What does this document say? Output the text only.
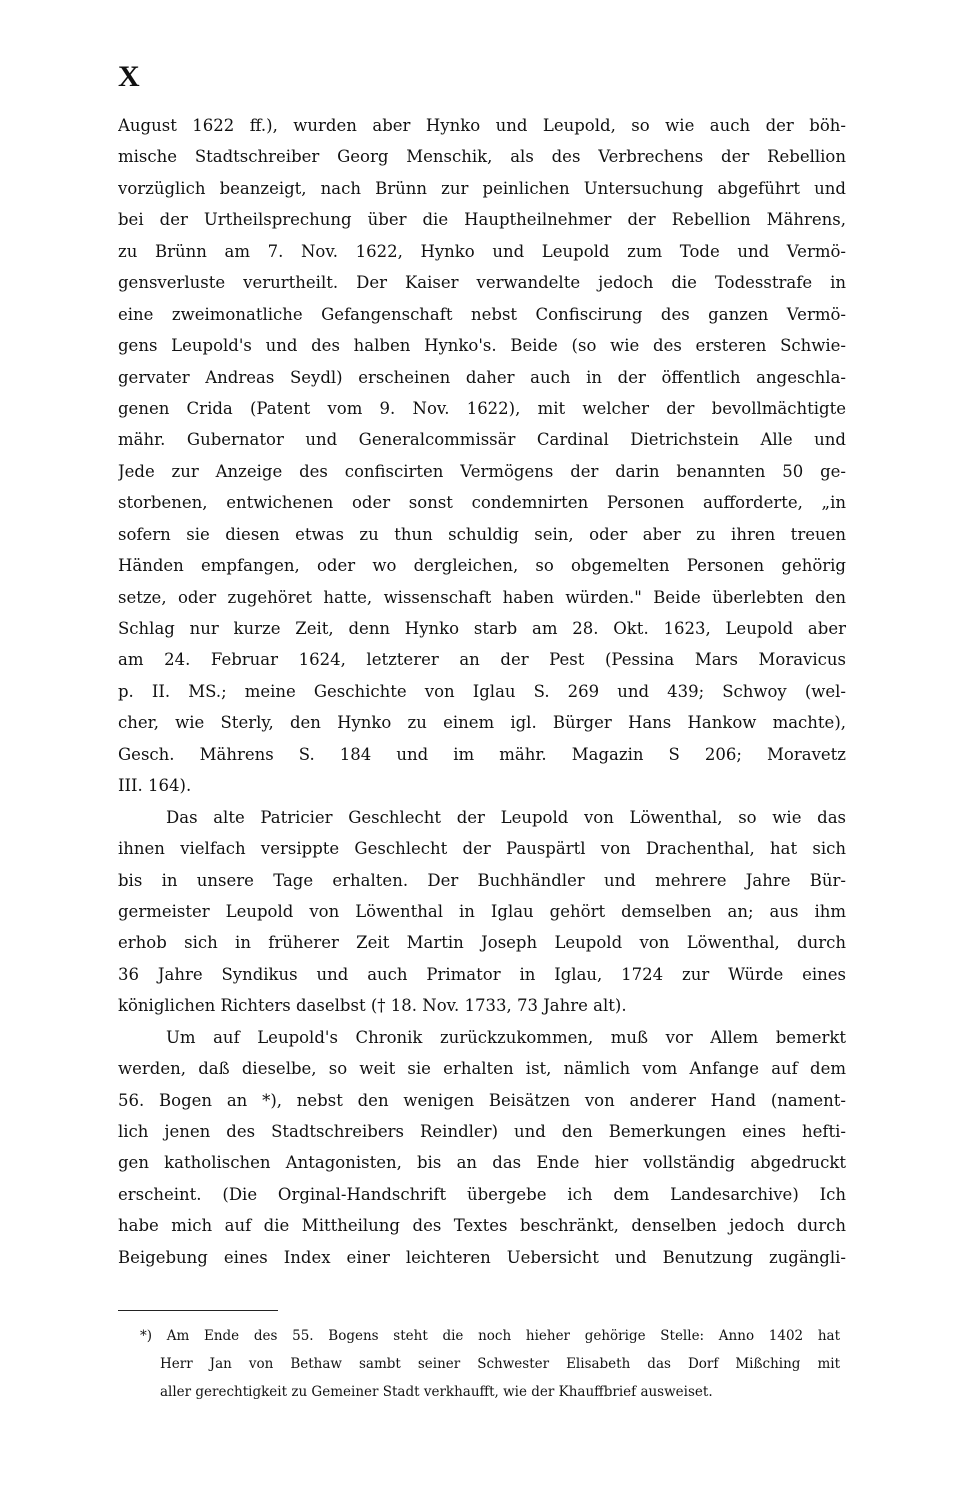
X
August 1622 ff.), wurden aber Hynko und Leupold, so wie auch der böh-
mische Stadtschreiber Georg Menschik, als des Verbrechens der Rebellion
vorzüglich beanzeigt, nach Brünn zur peinlichen Untersuchung abgeführt und
bei der Urtheilsprechung über die Hauptheilnehmer der Rebellion Mährens,
zu Brünn am 7. Nov. 1622, Hynko und Leupold zum Tode und Vermö-
gensverluste verurtheilt. Der Kaiser verwandelte jedoch die Todesstrafe in
eine zweimonatliche Gefangenschaft nebst Confiscirung des ganzen Vermö-
gens Leupold's und des halben Hynko's. Beide (so wie des ersteren Schwie-
gervater Andreas Seydl) erscheinen daher auch in der öffentlich angeschla-
genen Crida (Patent vom 9. Nov. 1622), mit welcher der bevollmächtigte
mähr. Gubernator und Generalcommissär Cardinal Dietrichstein Alle und
Jede zur Anzeige des confiscirten Vermögens der darin benannten 50 ge-
storbenen, entwichenen oder sonst condemnirten Personen aufforderte, „in
sofern sie diesen etwas zu thun schuldig sein, oder aber zu ihren treuen
Händen empfangen, oder wo dergleichen, so obgemelten Personen gehörig
setze, oder zugehöret hatte, wissenschaft haben würden." Beide überlebten den
Schlag nur kurze Zeit, denn Hynko starb am 28. Okt. 1623, Leupold aber
am 24. Februar 1624, letzterer an der Pest (Pessina Mars Moravicus
p. II. MS.; meine Geschichte von Iglau S. 269 und 439; Schwoy (wel-
cher, wie Sterly, den Hynko zu einem igl. Bürger Hans Hankow machte),
Gesch. Mährens S. 184 und im mähr. Magazin S 206; Moravetz
III. 164).
Das alte Patricier Geschlecht der Leupold von Löwenthal, so wie das
ihnen vielfach versippte Geschlecht der Pauspärtl von Drachenthal, hat sich
bis in unsere Tage erhalten. Der Buchhändler und mehrere Jahre Bür-
germeister Leupold von Löwenthal in Iglau gehört demselben an; aus ihm
erhob sich in früherer Zeit Martin Joseph Leupold von Löwenthal, durch
36 Jahre Syndikus und auch Primator in Iglau, 1724 zur Würde eines
königlichen Richters daselbst († 18. Nov. 1733, 73 Jahre alt).
Um auf Leupold's Chronik zurückzukommen, muß vor Allem bemerkt
werden, daß dieselbe, so weit sie erhalten ist, nämlich vom Anfange auf dem
56. Bogen an *), nebst den wenigen Beisätzen von anderer Hand (nament-
lich jenen des Stadtschreibers Reindler) und den Bemerkungen eines hefti-
gen katholischen Antagonisten, bis an das Ende hier vollständig abgedruckt
erscheint. (Die Orginal-Handschrift übergebe ich dem Landesarchive) Ich
habe mich auf die Mittheilung des Textes beschränkt, denselben jedoch durch
Beigebung eines Index einer leichteren Uebersicht und Benutzung zugängli-
*) Am Ende des 55. Bogens steht die noch hieher gehörige Stelle: Anno 1402 hat
Herr Jan von Bethaw sambt seiner Schwester Elisabeth das Dorf Mißching mit
aller gerechtigkeit zu Gemeiner Stadt verkhaufft, wie der Khauffbrief ausweiset.
